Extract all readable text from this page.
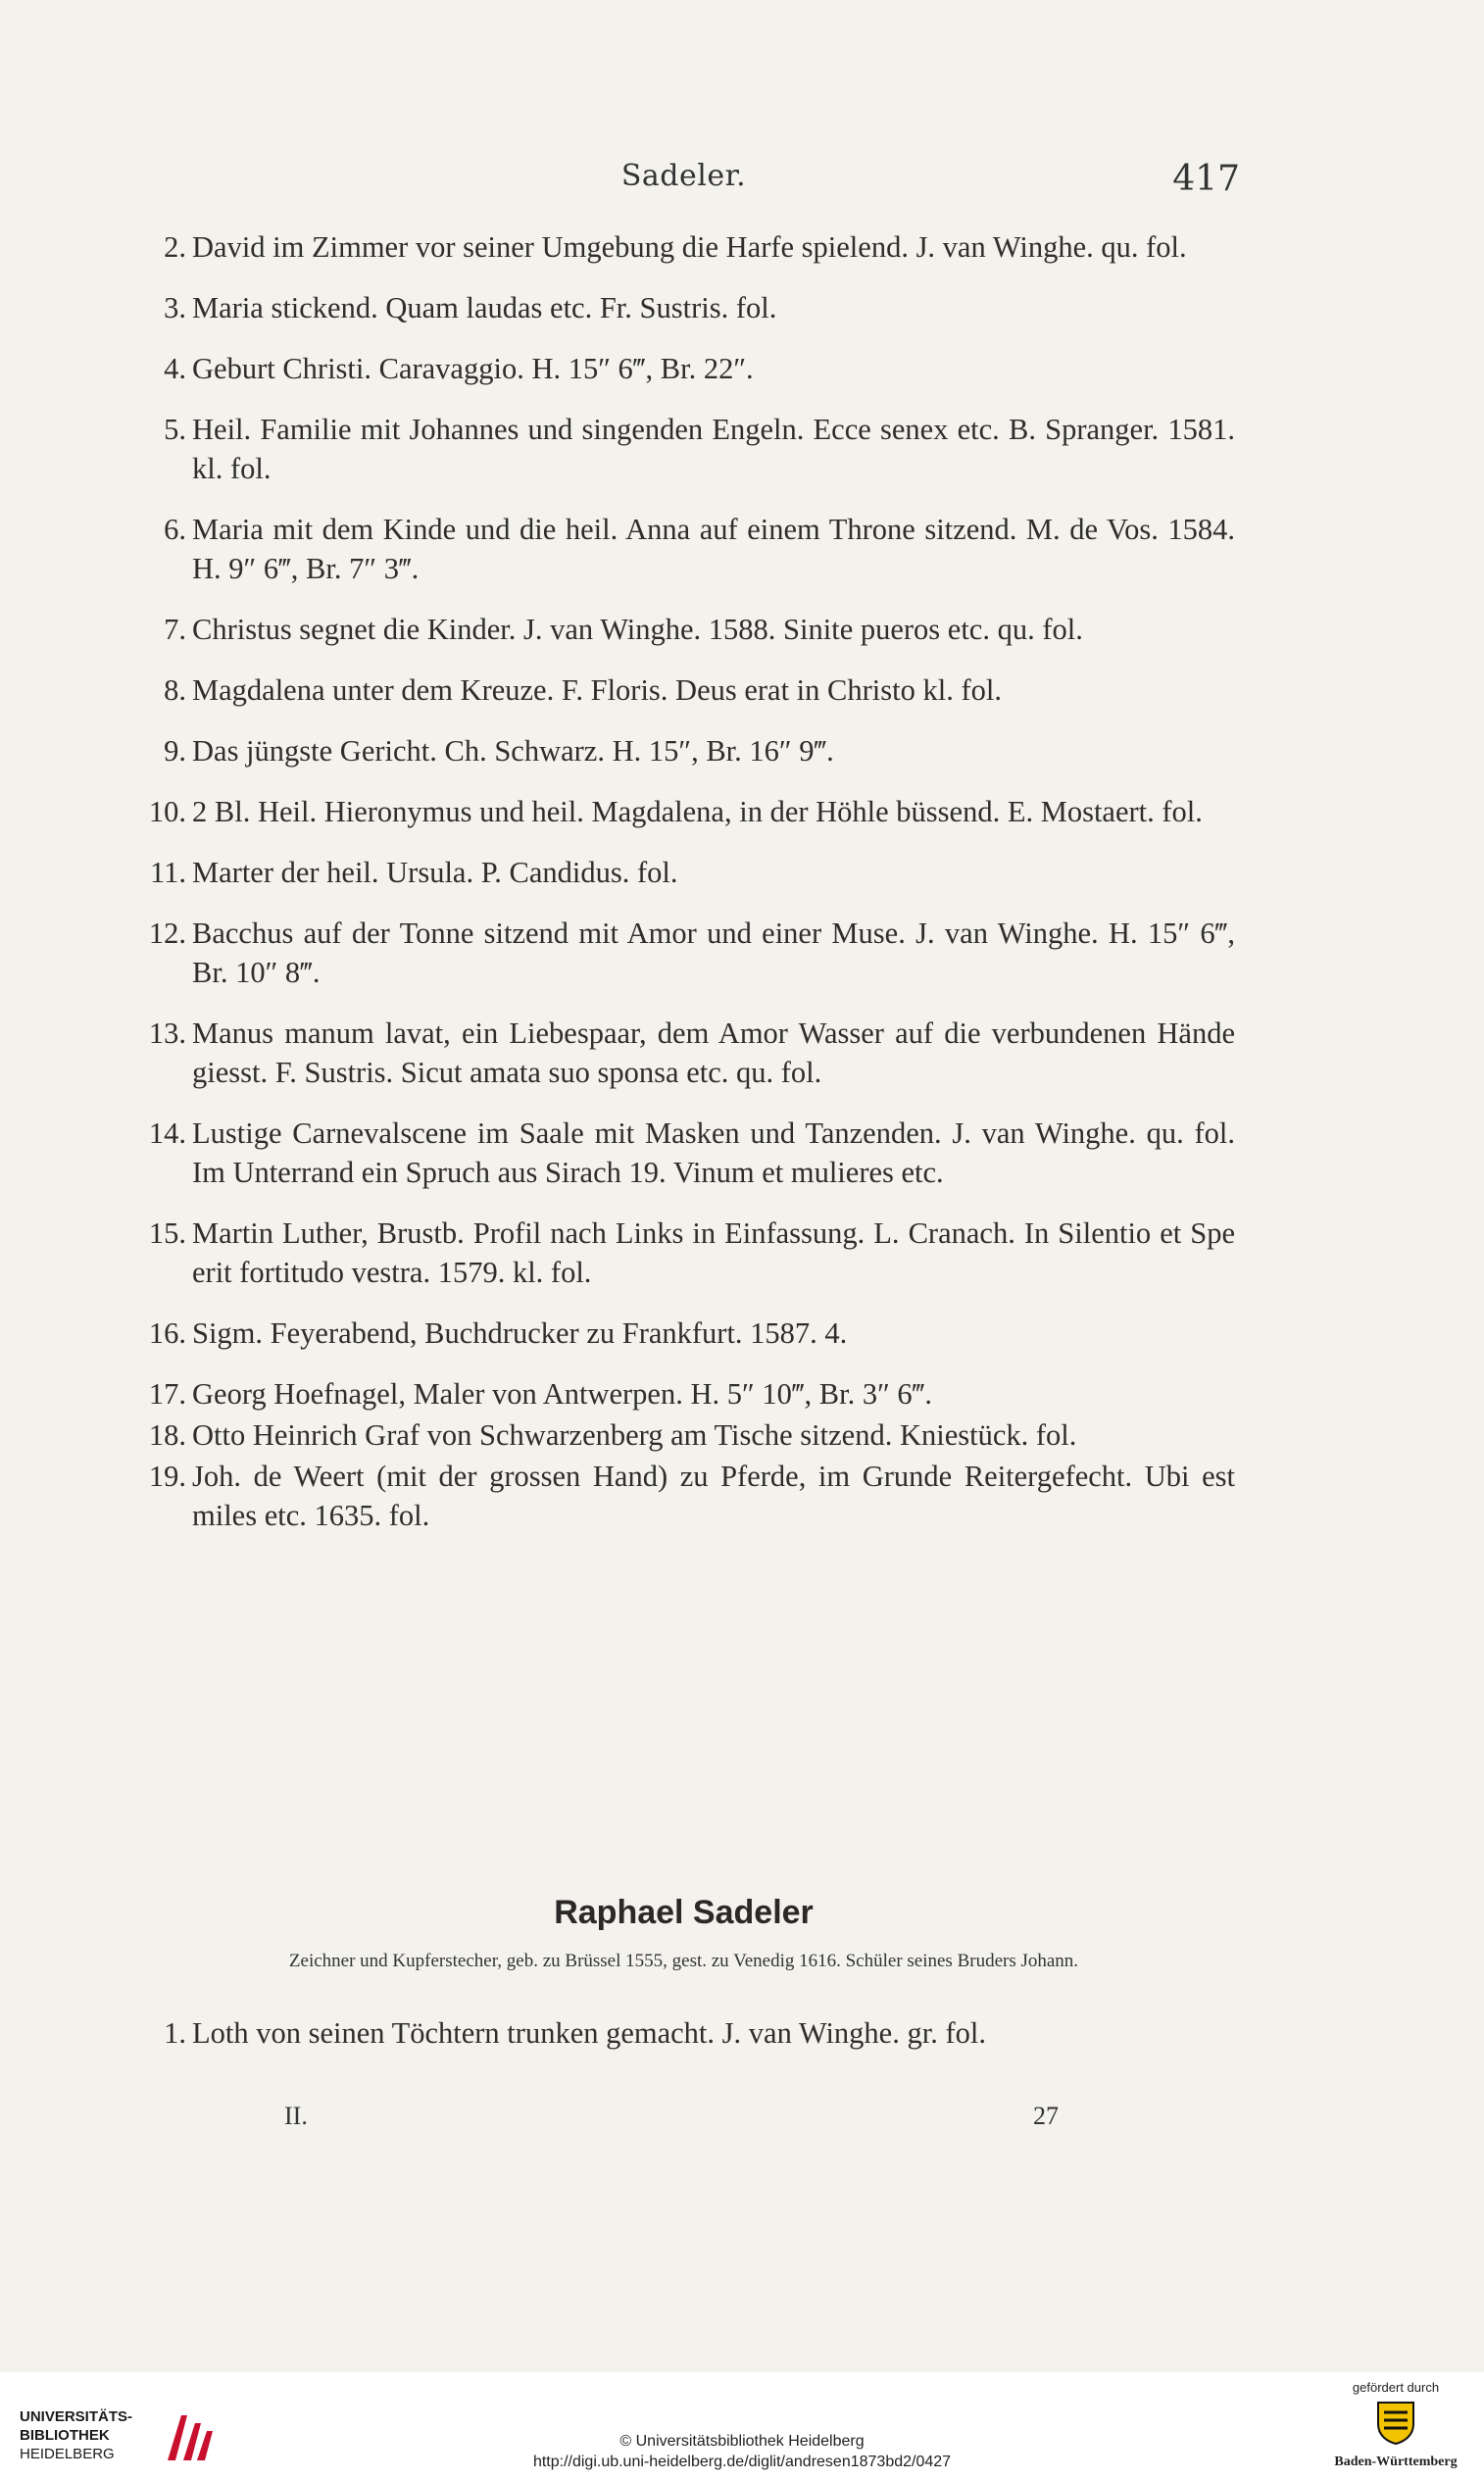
Sadeler.	417
2. David im Zimmer vor seiner Umgebung die Harfe spielend. J. van Winghe. qu. fol.
3. Maria stickend. Quam laudas etc. Fr. Sustris. fol.
4. Geburt Christi. Caravaggio. H. 15″ 6‴, Br. 22″.
5. Heil. Familie mit Johannes und singenden Engeln. Ecce senex etc. B. Spranger. 1581. kl. fol.
6. Maria mit dem Kinde und die heil. Anna auf einem Throne sitzend. M. de Vos. 1584. H. 9″ 6‴, Br. 7″ 3‴.
7. Christus segnet die Kinder. J. van Winghe. 1588. Sinite pueros etc. qu. fol.
8. Magdalena unter dem Kreuze. F. Floris. Deus erat in Christo kl. fol.
9. Das jüngste Gericht. Ch. Schwarz. H. 15″, Br. 16″ 9‴.
10. 2 Bl. Heil. Hieronymus und heil. Magdalena, in der Höhle büssend. E. Mostaert. fol.
11. Marter der heil. Ursula. P. Candidus. fol.
12. Bacchus auf der Tonne sitzend mit Amor und einer Muse. J. van Winghe. H. 15″ 6‴, Br. 10″ 8‴.
13. Manus manum lavat, ein Liebespaar, dem Amor Wasser auf die verbundenen Hände giesst. F. Sustris. Sicut amata suo sponsa etc. qu. fol.
14. Lustige Carnevalscene im Saale mit Masken und Tanzenden. J. van Winghe. qu. fol. Im Unterrand ein Spruch aus Sirach 19. Vinum et mulieres etc.
15. Martin Luther, Brustb. Profil nach Links in Einfassung. L. Cranach. In Silentio et Spe erit fortitudo vestra. 1579. kl. fol.
16. Sigm. Feyerabend, Buchdrucker zu Frankfurt. 1587. 4.
17. Georg Hoefnagel, Maler von Antwerpen. H. 5″ 10‴, Br. 3″ 6‴.
18. Otto Heinrich Graf von Schwarzenberg am Tische sitzend. Kniestück. fol.
19. Joh. de Weert (mit der grossen Hand) zu Pferde, im Grunde Reitergefecht. Ubi est miles etc. 1635. fol.
Raphael Sadeler
Zeichner und Kupferstecher, geb. zu Brüssel 1555, gest. zu Venedig 1616. Schüler seines Bruders Johann.
1. Loth von seinen Töchtern trunken gemacht. J. van Winghe. gr. fol.
II.	27
UNIVERSITÄTS-
BIBLIOTHEK
HEIDELBERG
© Universitätsbibliothek Heidelberg
http://digi.ub.uni-heidelberg.de/diglit/andresen1873bd2/0427
gefördert durch
Baden-Württemberg
